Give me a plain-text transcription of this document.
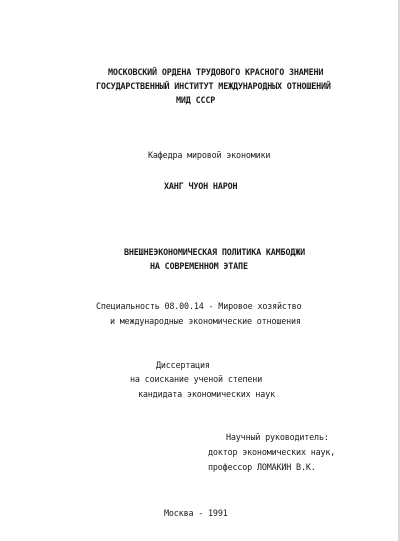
МОСКОВСКИЙ ОРДЕНА ТРУДОВОГО КРАСНОГО ЗНАМЕНИ
ГОСУДАРСТВЕННЫЙ ИНСТИТУТ МЕЖДУНАРОДНЫХ ОТНОШЕНИЙ
МИД СССР
Кафедра мировой экономики
ХАНГ ЧУОН НАРОН
ВНЕШНЕЭКОНОМИЧЕСКАЯ ПОЛИТИКА КАМБОДЖИ
НА СОВРЕМЕННОМ ЭТАПЕ
Специальность 08.00.14 - Мировое хозяйство
и международные экономические отношения
Диссертация
на соискание ученой степени
кандидата экономических наук
Научный руководитель:
доктор экономических наук,
профессор ЛОМАКИН В.К.
Москва - 1991
